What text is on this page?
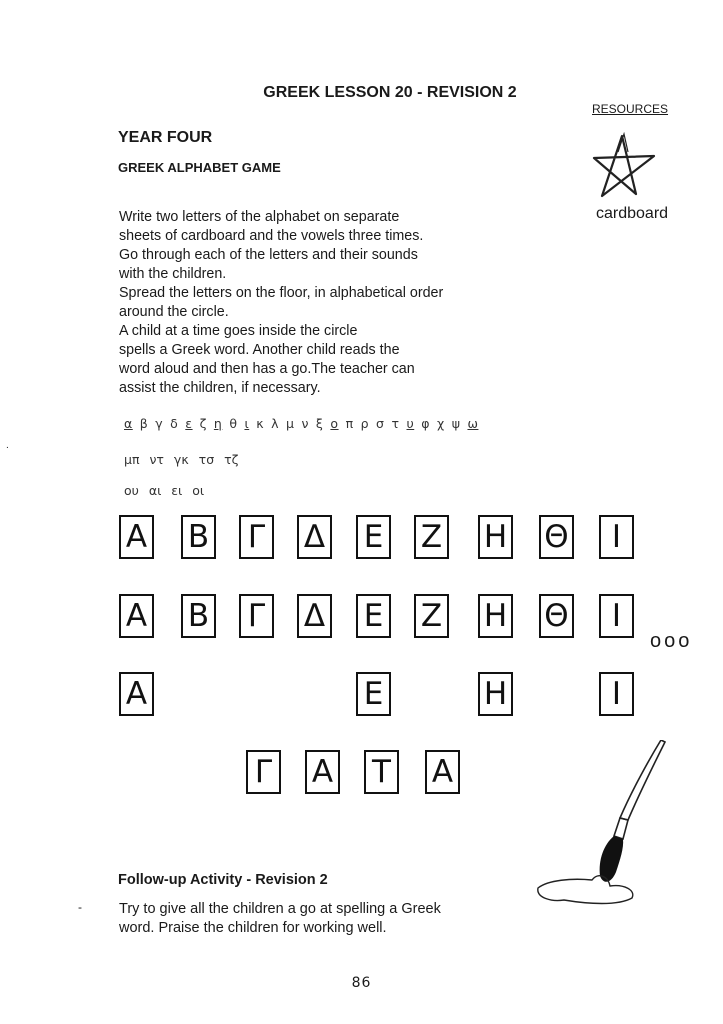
GREEK LESSON 20 - REVISION 2
RESOURCES
YEAR FOUR
GREEK ALPHABET GAME
Write two letters of the alphabet on separate
sheets of cardboard and the vowels three times.
Go through each of the letters and their sounds
with the children.
Spread the letters on the floor, in alphabetical order
around the circle.
A child at a time goes inside the circle
spells a Greek word. Another child reads the
word aloud and then has a go.The teacher can
assist the children, if necessary.
cardboard
α β γ δ ε ζ η θ ι κ λ μ ν ξ ο π ρ σ τ υ φ χ ψ ω
μπ ντ γκ τσ τζ
ου αι ει οι
Α Β Γ Δ Ε Ζ Η Θ	Ι
Α Β Γ Δ Ε Ζ Η Θ	Ι
Α	Ε	Η	Ι
Γ Α Τ Α
ooo
Follow-up Activity - Revision 2
-	Try to give all the children a go at spelling a Greek
word. Praise the children for working well.
.
86
